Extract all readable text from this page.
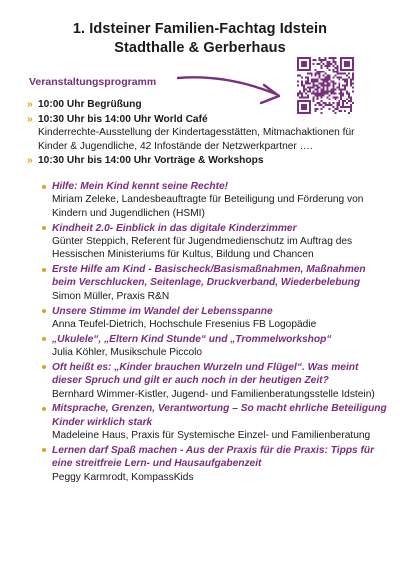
1. Idsteiner Familien-Fachtag Idstein
Stadthalle & Gerberhaus
Veranstaltungsprogramm
» 10:00 Uhr Begrüßung
» 10:30 Uhr bis 14:00 Uhr World Café
Kinderrechte-Ausstellung der Kindertagesstätten, Mitmachaktionen für Kinder & Jugendliche, 42 Infostände der Netzwerkpartner ….
» 10:30 Uhr bis 14:00 Uhr Vorträge & Workshops
Hilfe: Mein Kind kennt seine Rechte!
Miriam Zeleke, Landesbeauftragte für Beteiligung und Förderung von Kindern und Jugendlichen (HSMI)
Kindheit 2.0- Einblick in das digitale Kinderzimmer
Günter Steppich, Referent für Jugendmedienschutz im Auftrag des Hessischen Ministeriums für Kultus, Bildung und Chancen
Erste Hilfe am Kind - Basischeck/Basismaßnahmen, Maßnahmen beim Verschlucken, Seitenlage, Druckverband, Wiederbelebung
Simon Müller, Praxis R&N
Unsere Stimme im Wandel der Lebensspanne
Anna Teufel-Dietrich, Hochschule Fresenius FB Logopädie
„Ukulele“, „Eltern Kind Stunde“ und „Trommelworkshop“
Julia Köhler, Musikschule Piccolo
Oft heißt es: „Kinder brauchen Wurzeln und Flügel“. Was meint dieser Spruch und gilt er auch noch in der heutigen Zeit?
Bernhard Wimmer-Kistler, Jugend- und Familienberatungsstelle Idstein)
Mitsprache, Grenzen, Verantwortung – So macht ehrliche Beteiligung Kinder wirklich stark
Madeleine Haus, Praxis für Systemische Einzel- und Familienberatung
Lernen darf Spaß machen - Aus der Praxis für die Praxis: Tipps für eine streitfreie Lern- und Hausaufgabenzeit
Peggy Karmrodt, KompassKids
